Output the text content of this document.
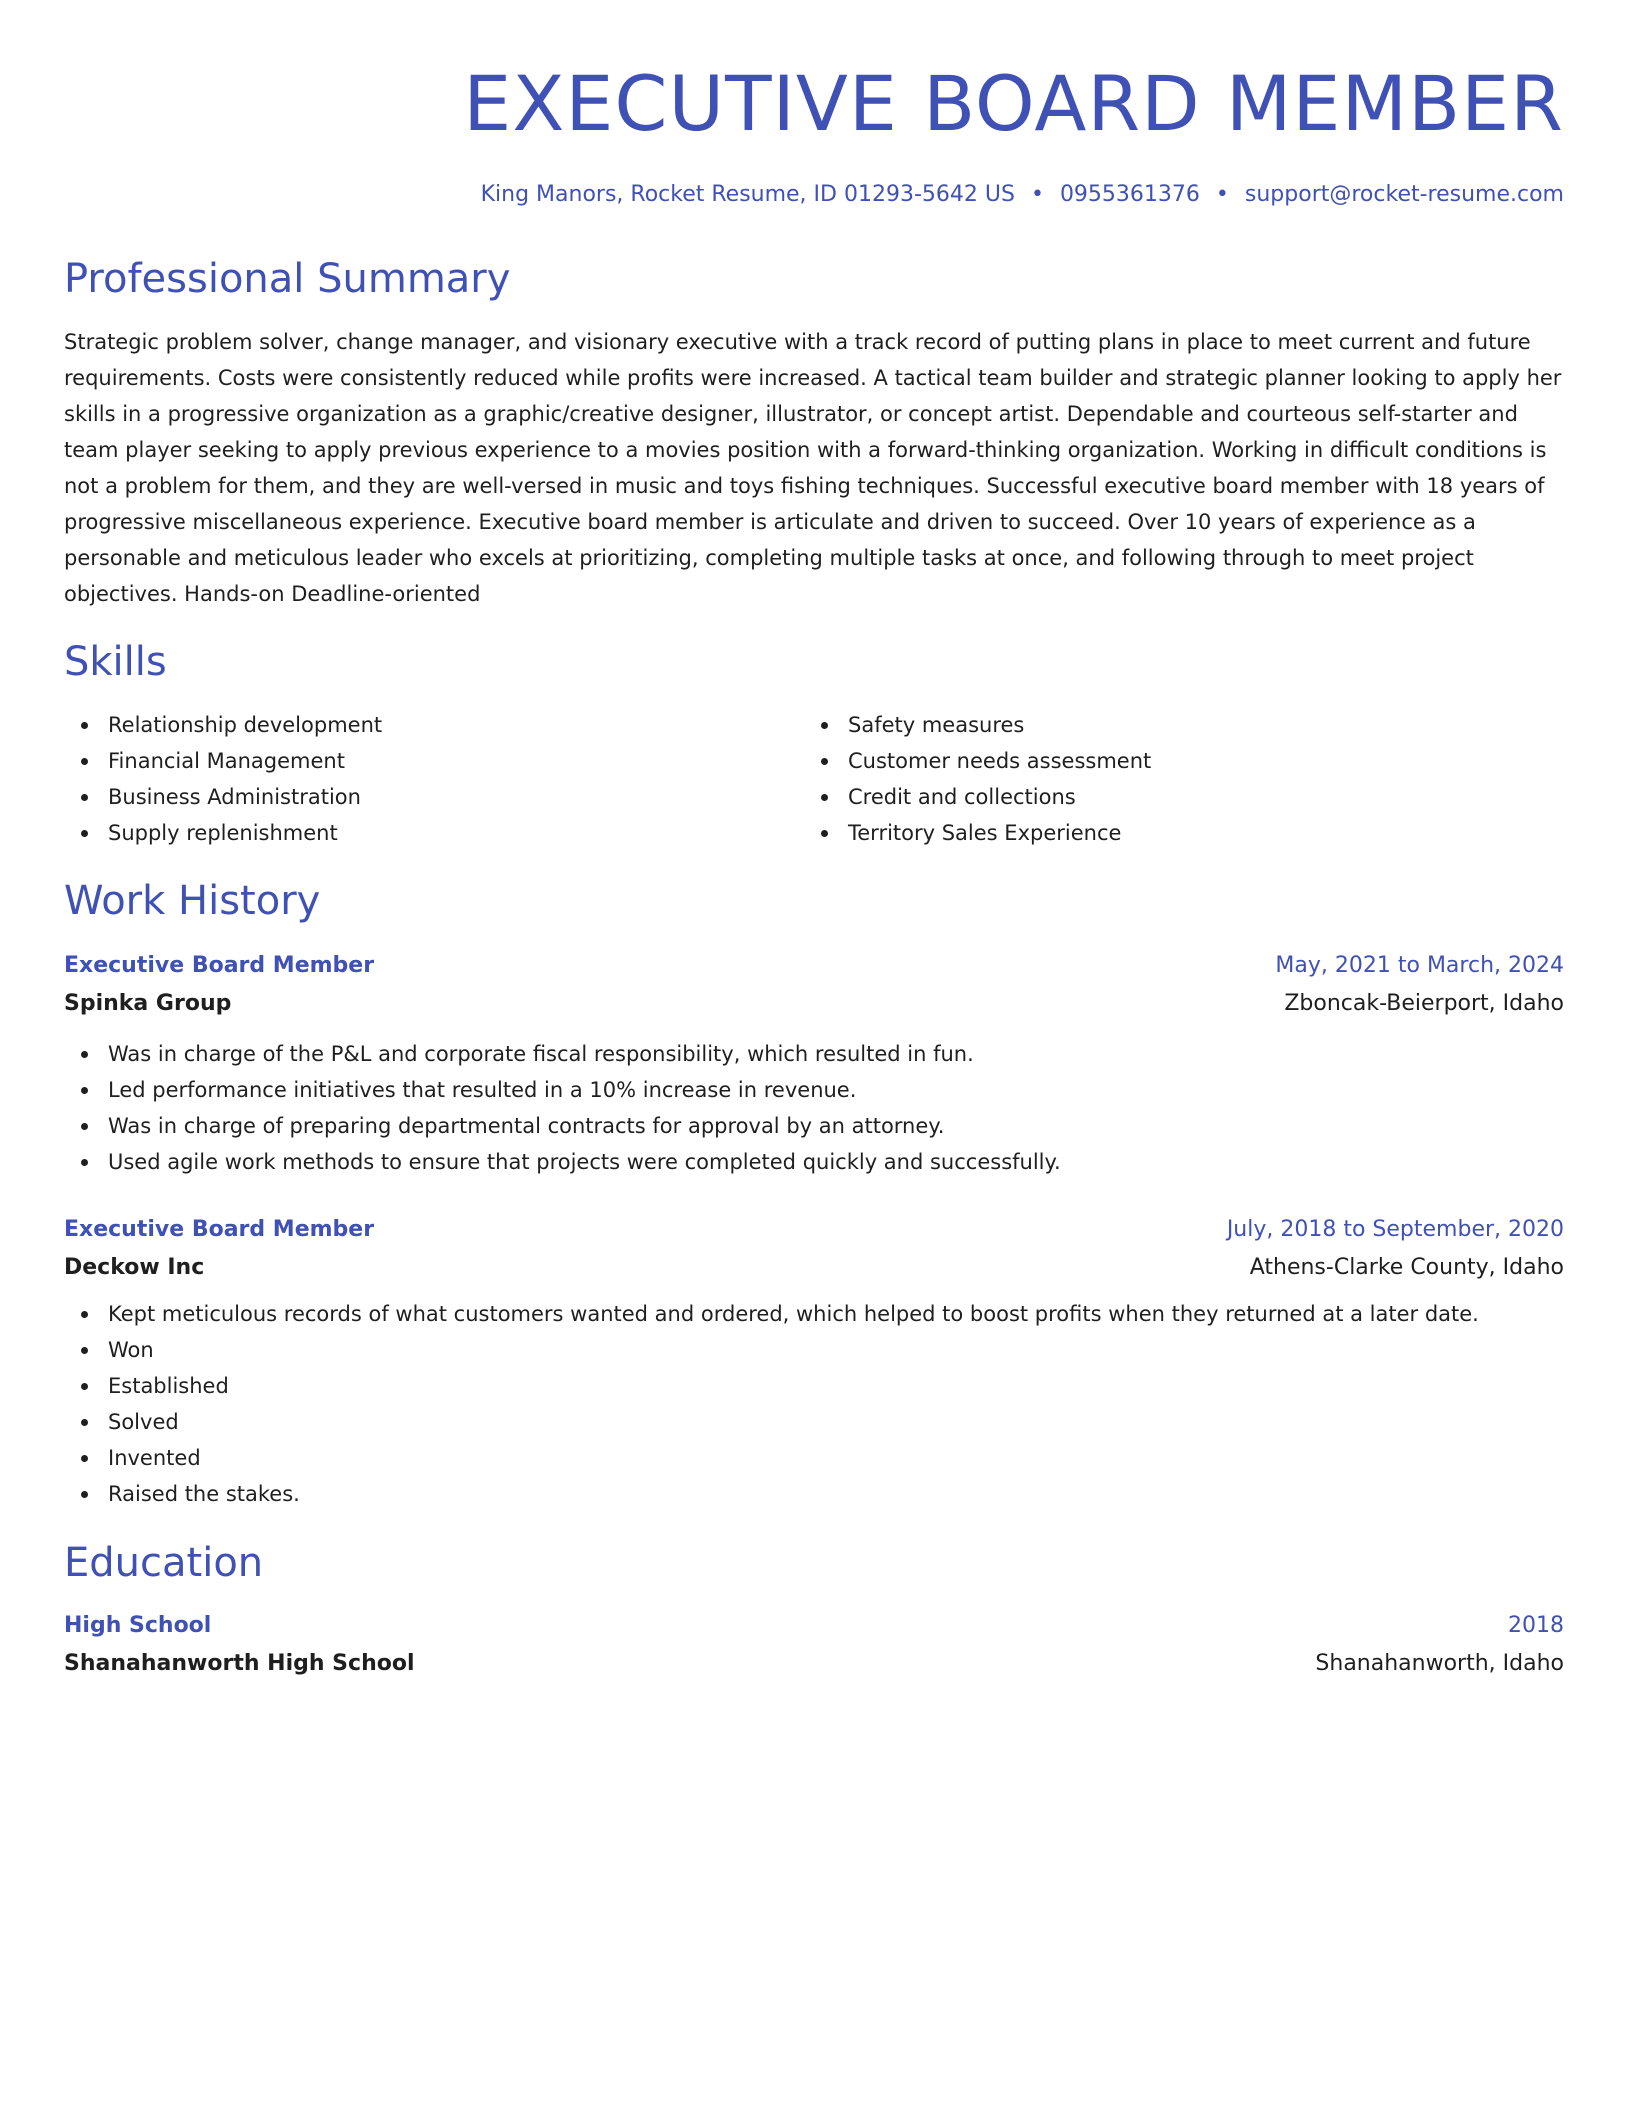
EXECUTIVE BOARD MEMBER
King Manors, Rocket Resume, ID 01293-5642 US • 0955361376 • support@rocket-resume.com
Professional Summary
Strategic problem solver, change manager, and visionary executive with a track record of putting plans in place to meet current and future requirements. Costs were consistently reduced while profits were increased. A tactical team builder and strategic planner looking to apply her skills in a progressive organization as a graphic/creative designer, illustrator, or concept artist. Dependable and courteous self-starter and team player seeking to apply previous experience to a movies position with a forward-thinking organization. Working in difficult conditions is not a problem for them, and they are well-versed in music and toys fishing techniques. Successful executive board member with 18 years of progressive miscellaneous experience. Executive board member is articulate and driven to succeed. Over 10 years of experience as a personable and meticulous leader who excels at prioritizing, completing multiple tasks at once, and following through to meet project objectives. Hands-on Deadline-oriented
Skills
Relationship development
Financial Management
Business Administration
Supply replenishment
Safety measures
Customer needs assessment
Credit and collections
Territory Sales Experience
Work History
Executive Board Member	May, 2021 to March, 2024
Spinka Group	Zboncak-Beierport, Idaho
Was in charge of the P&L and corporate fiscal responsibility, which resulted in fun.
Led performance initiatives that resulted in a 10% increase in revenue.
Was in charge of preparing departmental contracts for approval by an attorney.
Used agile work methods to ensure that projects were completed quickly and successfully.
Executive Board Member	July, 2018 to September, 2020
Deckow Inc	Athens-Clarke County, Idaho
Kept meticulous records of what customers wanted and ordered, which helped to boost profits when they returned at a later date.
Won
Established
Solved
Invented
Raised the stakes.
Education
High School	2018
Shanahanworth High School	Shanahanworth, Idaho
